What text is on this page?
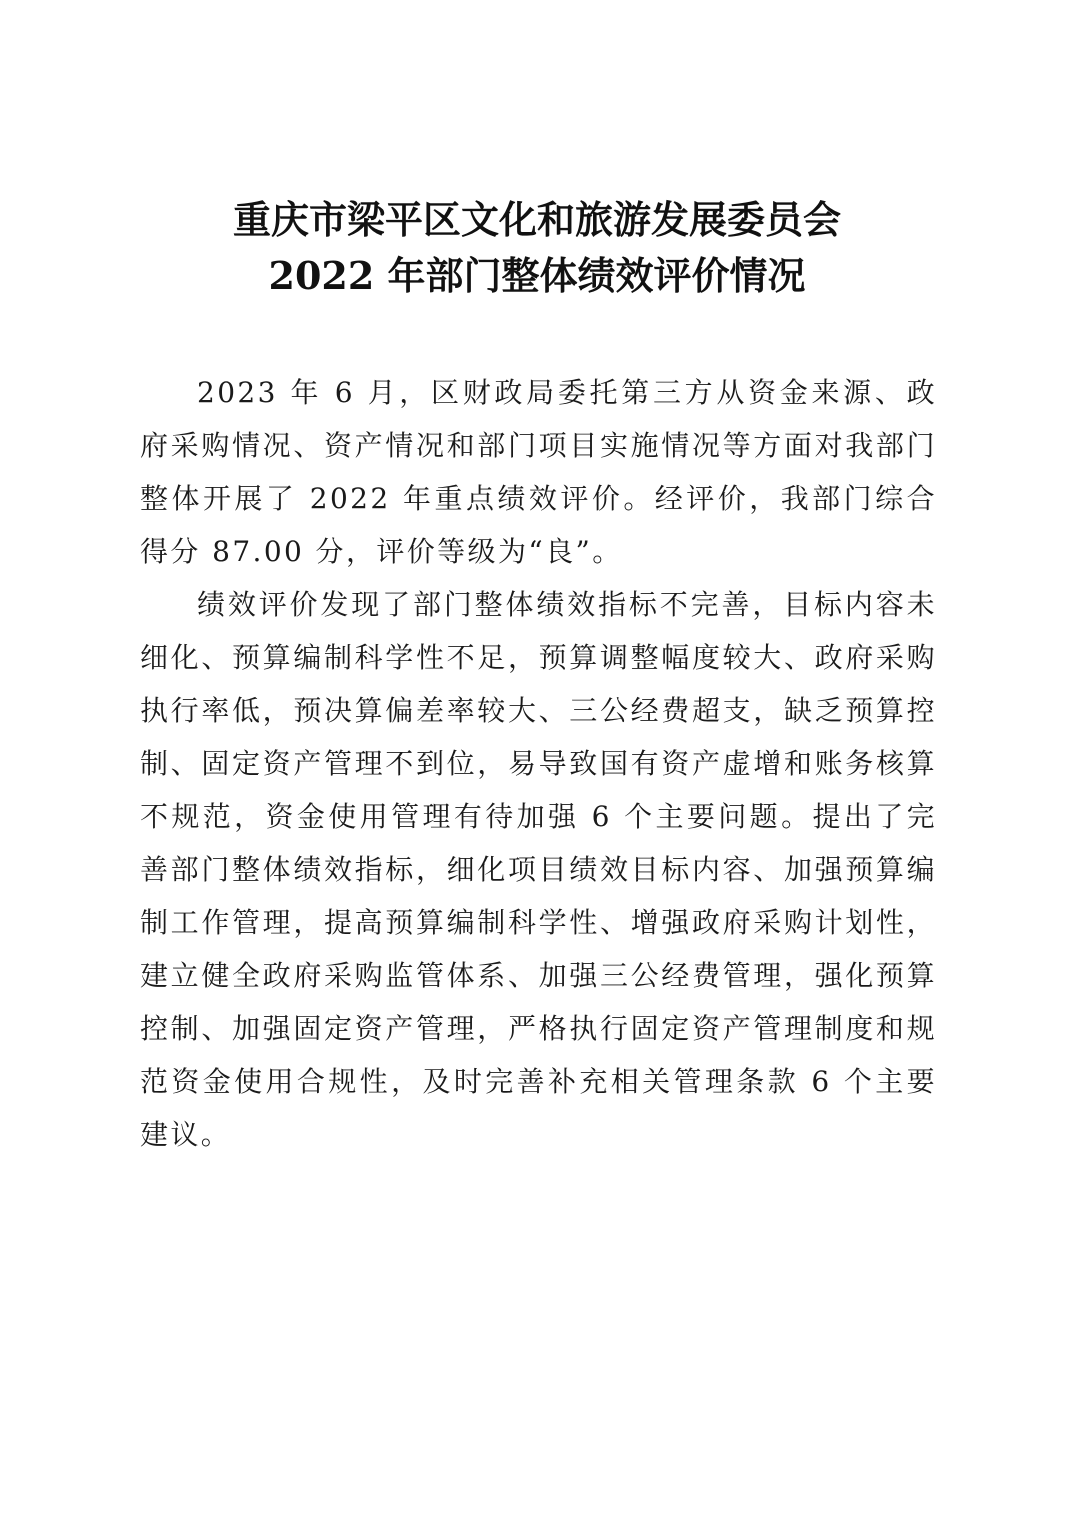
重庆市梁平区文化和旅游发展委员会
2022 年部门整体绩效评价情况

2023 年 6 月，区财政局委托第三方从资金来源、政府采购情况、资产情况和部门项目实施情况等方面对我部门整体开展了 2022 年重点绩效评价。经评价，我部门综合得分 87.00 分，评价等级为“良”。

绩效评价发现了部门整体绩效指标不完善，目标内容未细化、预算编制科学性不足，预算调整幅度较大、政府采购执行率低，预决算偏差率较大、三公经费超支，缺乏预算控制、固定资产管理不到位，易导致国有资产虚增和账务核算不规范，资金使用管理有待加强 6 个主要问题。提出了完善部门整体绩效指标，细化项目绩效目标内容、加强预算编制工作管理，提高预算编制科学性、增强政府采购计划性，建立健全政府采购监管体系、加强三公经费管理，强化预算控制、加强固定资产管理，严格执行固定资产管理制度和规范资金使用合规性，及时完善补充相关管理条款 6 个主要建议。
